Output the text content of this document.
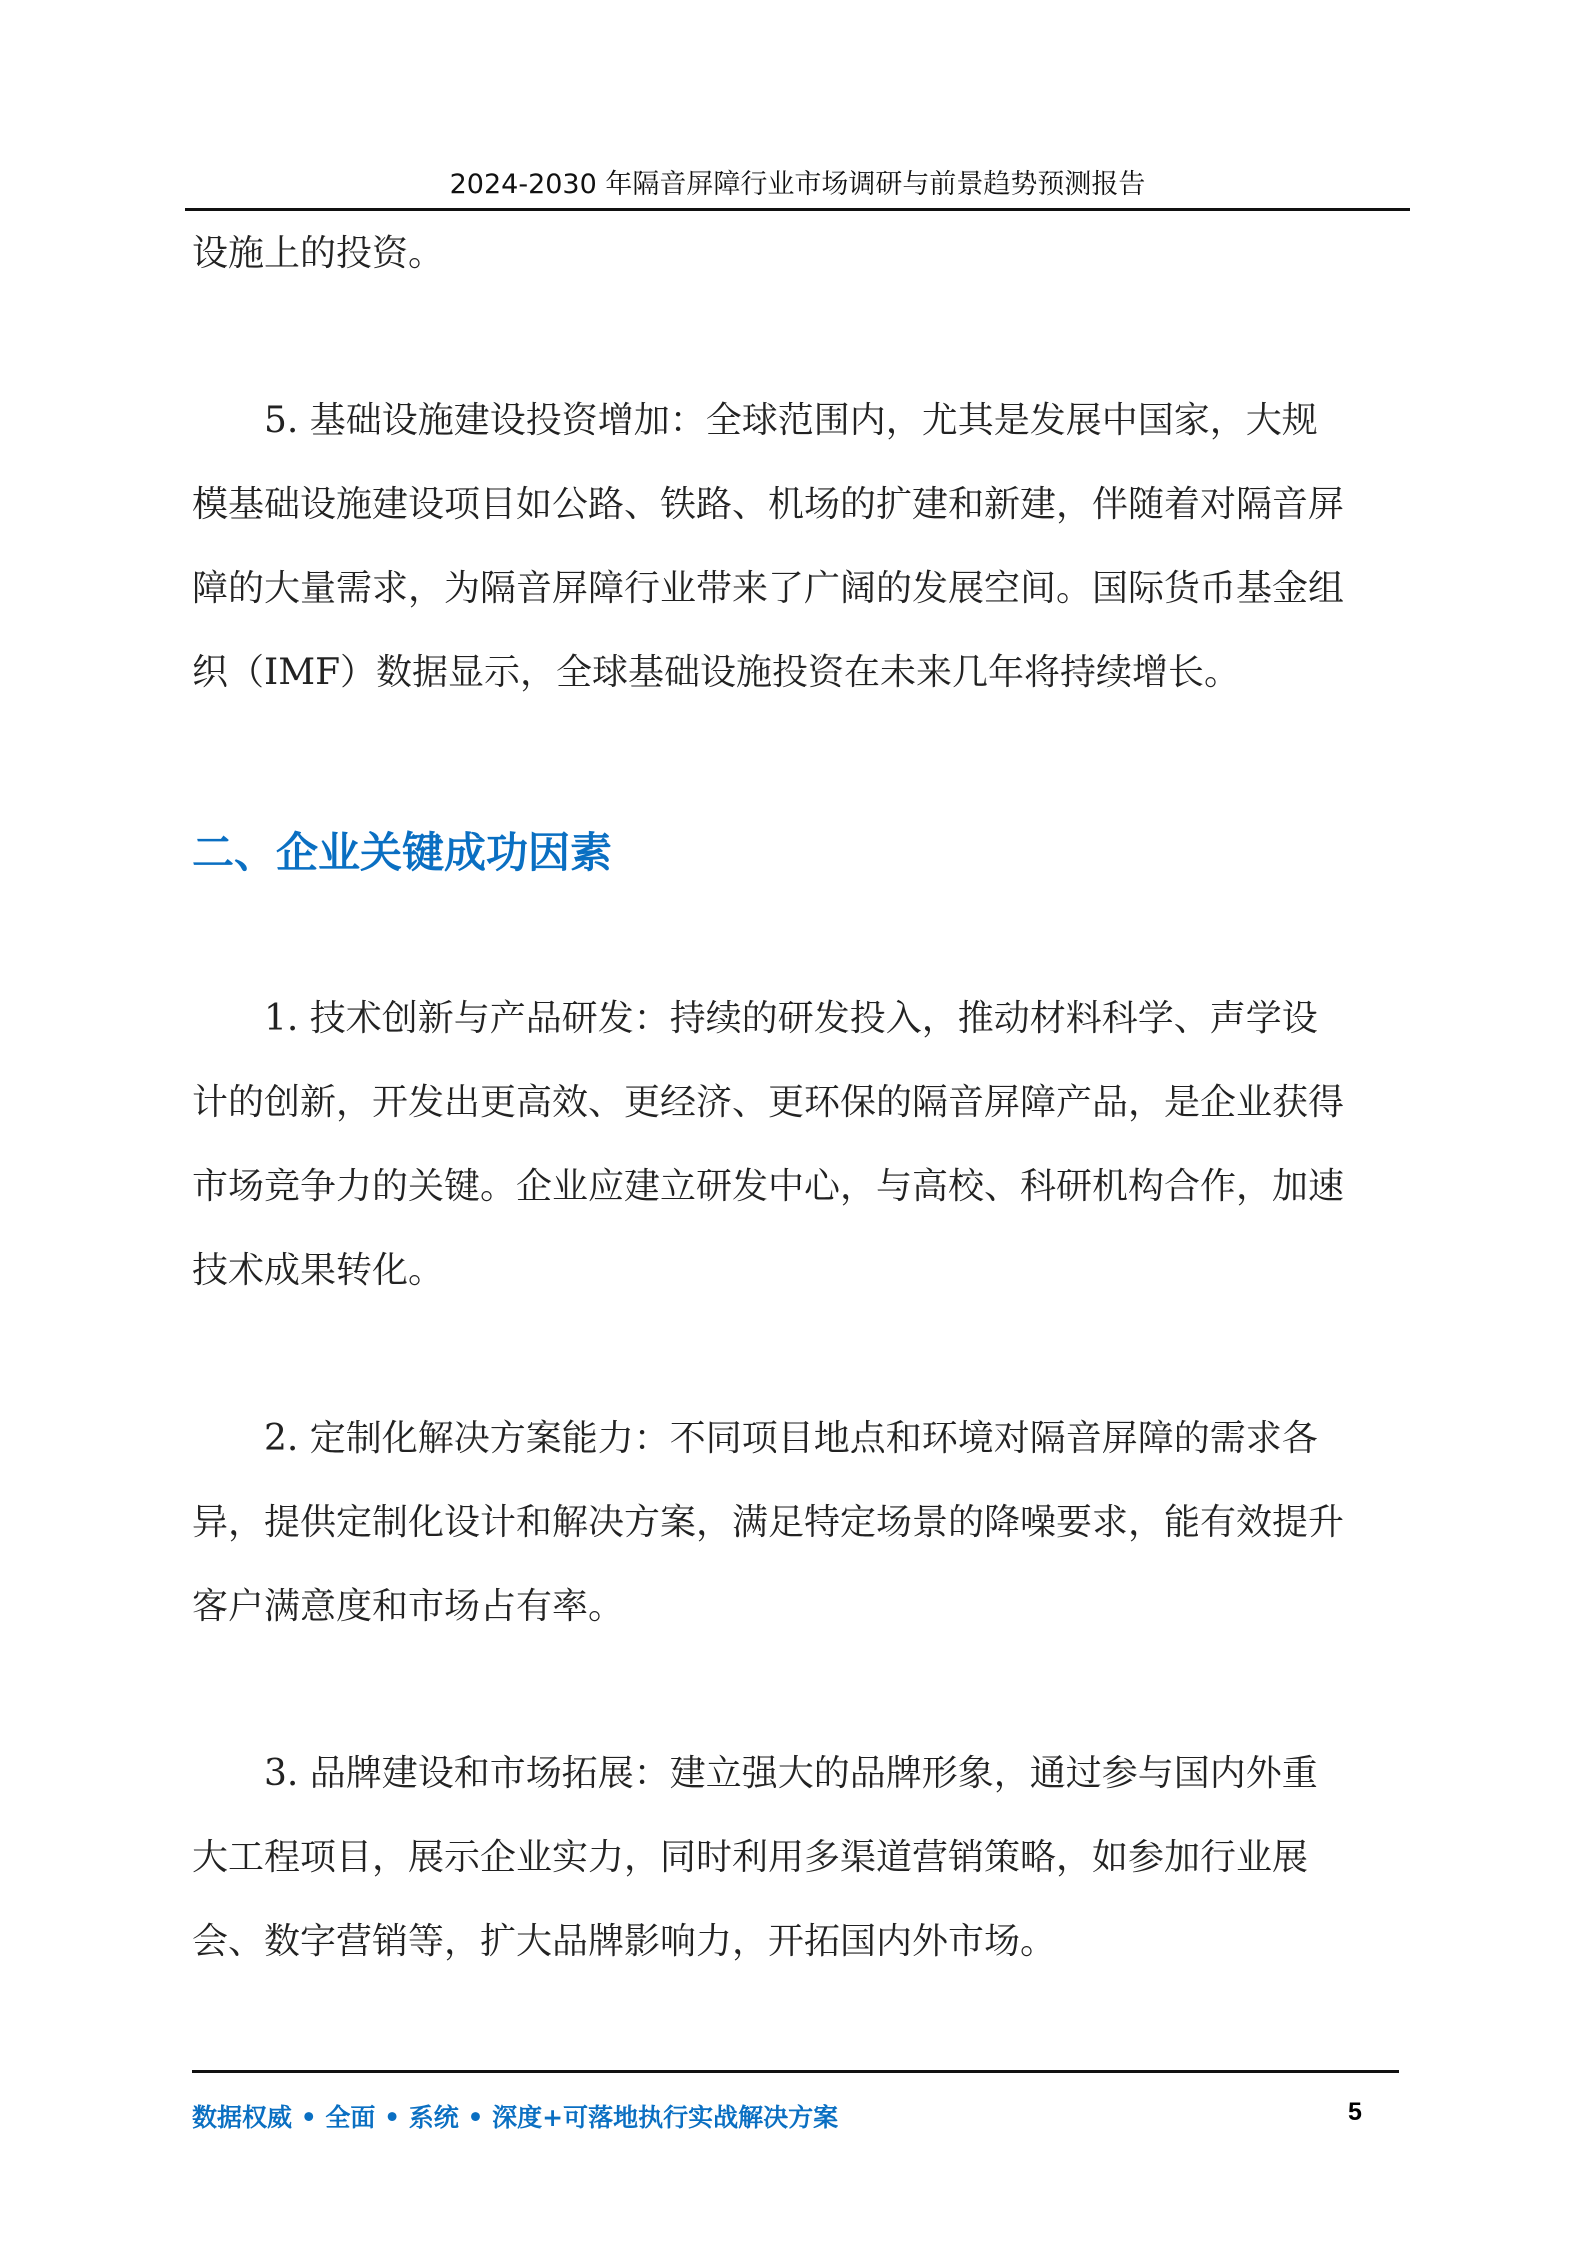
2024-2030 年隔音屏障行业市场调研与前景趋势预测报告
设施上的投资。
5. 基础设施建设投资增加：全球范围内，尤其是发展中国家，大规
模基础设施建设项目如公路、铁路、机场的扩建和新建，伴随着对隔音屏
障的大量需求，为隔音屏障行业带来了广阔的发展空间。国际货币基金组
织（IMF）数据显示，全球基础设施投资在未来几年将持续增长。
二、企业关键成功因素
1. 技术创新与产品研发：持续的研发投入，推动材料科学、声学设
计的创新，开发出更高效、更经济、更环保的隔音屏障产品，是企业获得
市场竞争力的关键。企业应建立研发中心，与高校、科研机构合作，加速
技术成果转化。
2. 定制化解决方案能力：不同项目地点和环境对隔音屏障的需求各
异，提供定制化设计和解决方案，满足特定场景的降噪要求，能有效提升
客户满意度和市场占有率。
3. 品牌建设和市场拓展：建立强大的品牌形象，通过参与国内外重
大工程项目，展示企业实力，同时利用多渠道营销策略，如参加行业展
会、数字营销等，扩大品牌影响力，开拓国内外市场。
数据权威 • 全面 • 系统 • 深度+可落地执行实战解决方案	5
